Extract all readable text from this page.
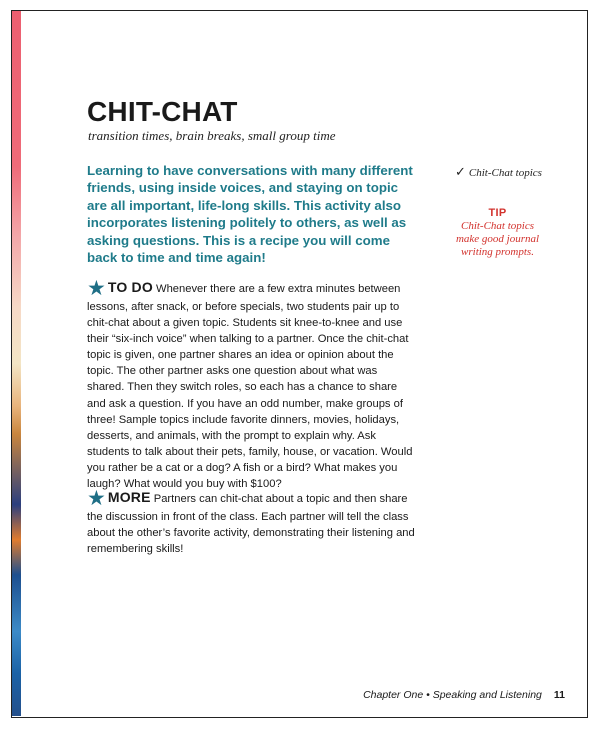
CHIT-CHAT

transition times, brain breaks, small group time

Learning to have conversations with many different friends, using inside voices, and staying on topic are all important, life-long skills. This activity also incorporates listening politely to others, as well as asking questions. This is a recipe you will come back to time and time again!

★ TO DO Whenever there are a few extra minutes between lessons, after snack, or before specials, two students pair up to chit-chat about a given topic. Students sit knee-to-knee and use their “six-inch voice” when talking to a partner. Once the chit-chat topic is given, one partner shares an idea or opinion about the topic. The other partner asks one question about what was shared. Then they switch roles, so each has a chance to share and ask a question. If you have an odd number, make groups of three! Sample topics include favorite dinners, movies, holidays, desserts, and animals, with the prompt to explain why. Ask students to talk about their pets, family, house, or vacation. Would you rather be a cat or a dog? A fish or a bird? What makes you laugh? What would you buy with $100?

★ MORE Partners can chit-chat about a topic and then share the discussion in front of the class. Each partner will tell the class about the other’s favorite activity, demonstrating their listening and remembering skills!

✓ Chit-Chat topics
TIP
Chit-Chat topics make good journal writing prompts.
Chapter One • Speaking and Listening 11
